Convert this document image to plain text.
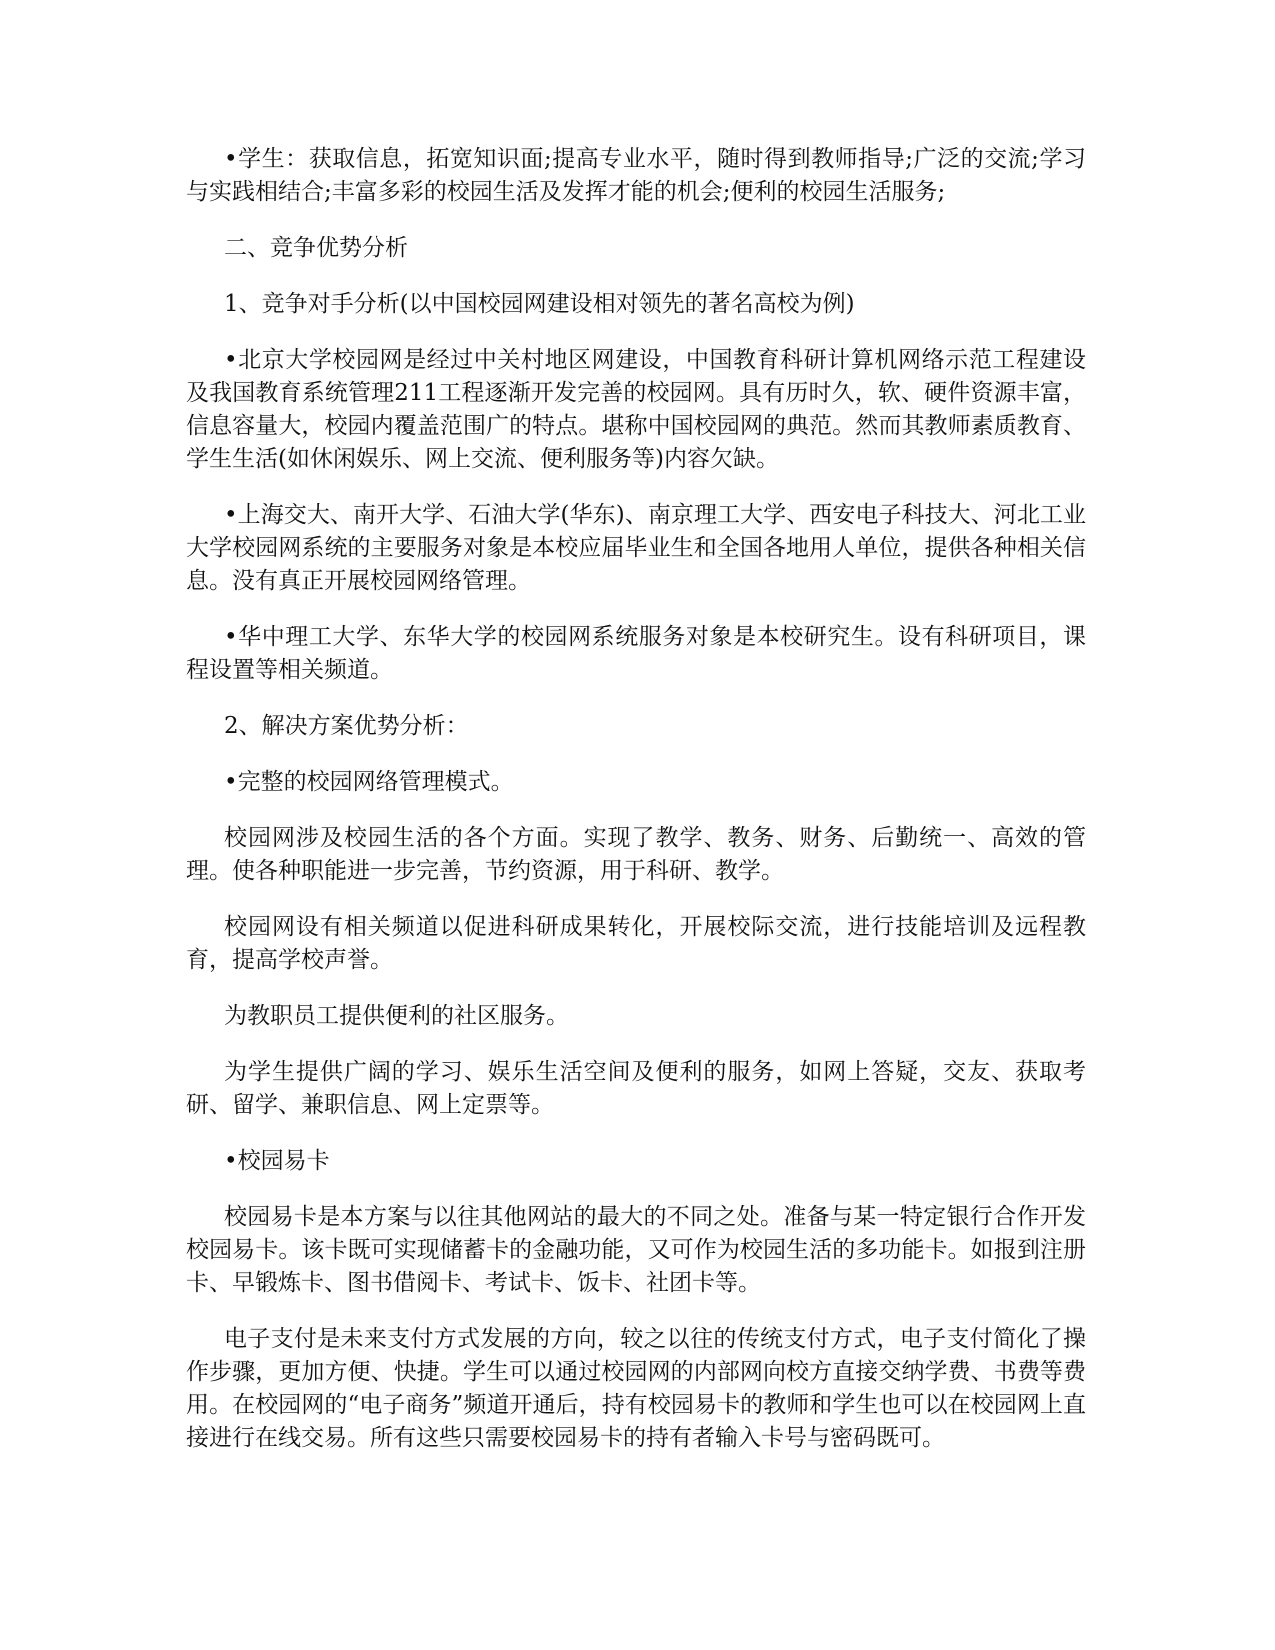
•学生：获取信息，拓宽知识面;提高专业水平，随时得到教师指导;广泛的交流;学习与实践相结合;丰富多彩的校园生活及发挥才能的机会;便利的校园生活服务;

二、竞争优势分析

1、竞争对手分析(以中国校园网建设相对领先的著名高校为例)

•北京大学校园网是经过中关村地区网建设，中国教育科研计算机网络示范工程建设及我国教育系统管理211工程逐渐开发完善的校园网。具有历时久，软、硬件资源丰富，信息容量大，校园内覆盖范围广的特点。堪称中国校园网的典范。然而其教师素质教育、学生生活(如休闲娱乐、网上交流、便利服务等)内容欠缺。

•上海交大、南开大学、石油大学(华东)、南京理工大学、西安电子科技大、河北工业大学校园网系统的主要服务对象是本校应届毕业生和全国各地用人单位，提供各种相关信息。没有真正开展校园网络管理。

•华中理工大学、东华大学的校园网系统服务对象是本校研究生。设有科研项目，课程设置等相关频道。

2、解决方案优势分析：

•完整的校园网络管理模式。

校园网涉及校园生活的各个方面。实现了教学、教务、财务、后勤统一、高效的管理。使各种职能进一步完善，节约资源，用于科研、教学。

校园网设有相关频道以促进科研成果转化，开展校际交流，进行技能培训及远程教育，提高学校声誉。

为教职员工提供便利的社区服务。

为学生提供广阔的学习、娱乐生活空间及便利的服务，如网上答疑，交友、获取考研、留学、兼职信息、网上定票等。

•校园易卡

校园易卡是本方案与以往其他网站的最大的不同之处。准备与某一特定银行合作开发校园易卡。该卡既可实现储蓄卡的金融功能，又可作为校园生活的多功能卡。如报到注册卡、早锻炼卡、图书借阅卡、考试卡、饭卡、社团卡等。

电子支付是未来支付方式发展的方向，较之以往的传统支付方式，电子支付简化了操作步骤，更加方便、快捷。学生可以通过校园网的内部网向校方直接交纳学费、书费等费用。在校园网的“电子商务”频道开通后，持有校园易卡的教师和学生也可以在校园网上直接进行在线交易。所有这些只需要校园易卡的持有者输入卡号与密码既可。
